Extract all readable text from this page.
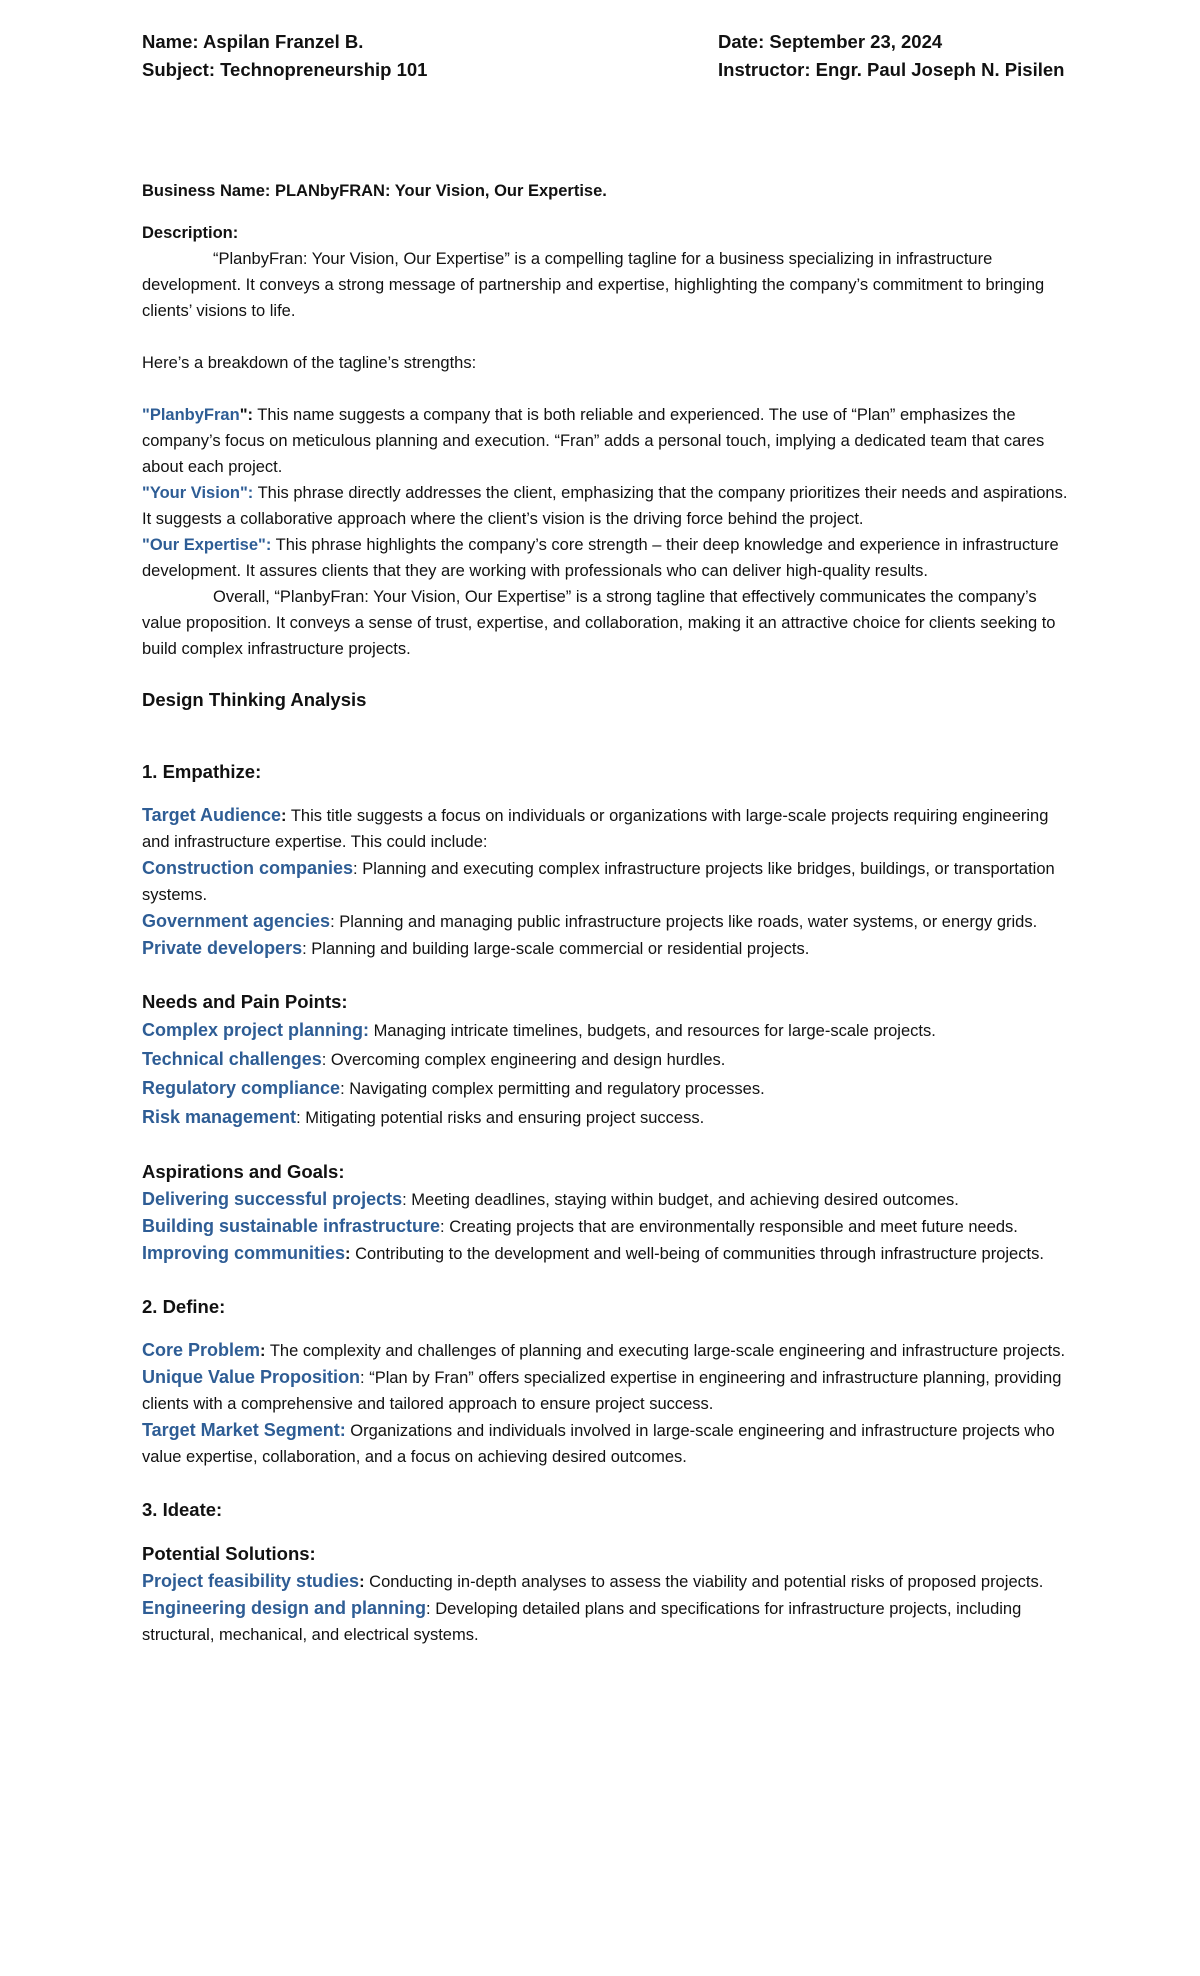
Name: Aspilan Franzel B.
Subject: Technopreneurship 101
Date: September 23, 2024
Instructor: Engr. Paul Joseph N. Pisilen

Business Name: PLANbyFRAN: Your Vision, Our Expertise.

Description:

“PlanbyFran: Your Vision, Our Expertise” is a compelling tagline for a business specializing in infrastructure development. It conveys a strong message of partnership and expertise, highlighting the company’s commitment to bringing clients’ visions to life.

Here’s a breakdown of the tagline’s strengths:

"PlanbyFran": This name suggests a company that is both reliable and experienced. The use of “Plan” emphasizes the company’s focus on meticulous planning and execution. “Fran” adds a personal touch, implying a dedicated team that cares about each project.

"Your Vision": This phrase directly addresses the client, emphasizing that the company prioritizes their needs and aspirations. It suggests a collaborative approach where the client’s vision is the driving force behind the project.

"Our Expertise": This phrase highlights the company’s core strength – their deep knowledge and experience in infrastructure development. It assures clients that they are working with professionals who can deliver high-quality results.

Overall, “PlanbyFran: Your Vision, Our Expertise” is a strong tagline that effectively communicates the company’s value proposition. It conveys a sense of trust, expertise, and collaboration, making it an attractive choice for clients seeking to build complex infrastructure projects.

Design Thinking Analysis

1. Empathize:

Target Audience: This title suggests a focus on individuals or organizations with large-scale projects requiring engineering and infrastructure expertise. This could include:

Construction companies: Planning and executing complex infrastructure projects like bridges, buildings, or transportation systems.

Government agencies: Planning and managing public infrastructure projects like roads, water systems, or energy grids.

Private developers: Planning and building large-scale commercial or residential projects.

Needs and Pain Points:

Complex project planning: Managing intricate timelines, budgets, and resources for large-scale projects.

Technical challenges: Overcoming complex engineering and design hurdles.

Regulatory compliance: Navigating complex permitting and regulatory processes.

Risk management: Mitigating potential risks and ensuring project success.

Aspirations and Goals:

Delivering successful projects: Meeting deadlines, staying within budget, and achieving desired outcomes.

Building sustainable infrastructure: Creating projects that are environmentally responsible and meet future needs.

Improving communities: Contributing to the development and well-being of communities through infrastructure projects.

2. Define:

Core Problem: The complexity and challenges of planning and executing large-scale engineering and infrastructure projects.

Unique Value Proposition: “Plan by Fran” offers specialized expertise in engineering and infrastructure planning, providing clients with a comprehensive and tailored approach to ensure project success.

Target Market Segment: Organizations and individuals involved in large-scale engineering and infrastructure projects who value expertise, collaboration, and a focus on achieving desired outcomes.

3. Ideate:

Potential Solutions:

Project feasibility studies: Conducting in-depth analyses to assess the viability and potential risks of proposed projects.

Engineering design and planning: Developing detailed plans and specifications for infrastructure projects, including structural, mechanical, and electrical systems.
